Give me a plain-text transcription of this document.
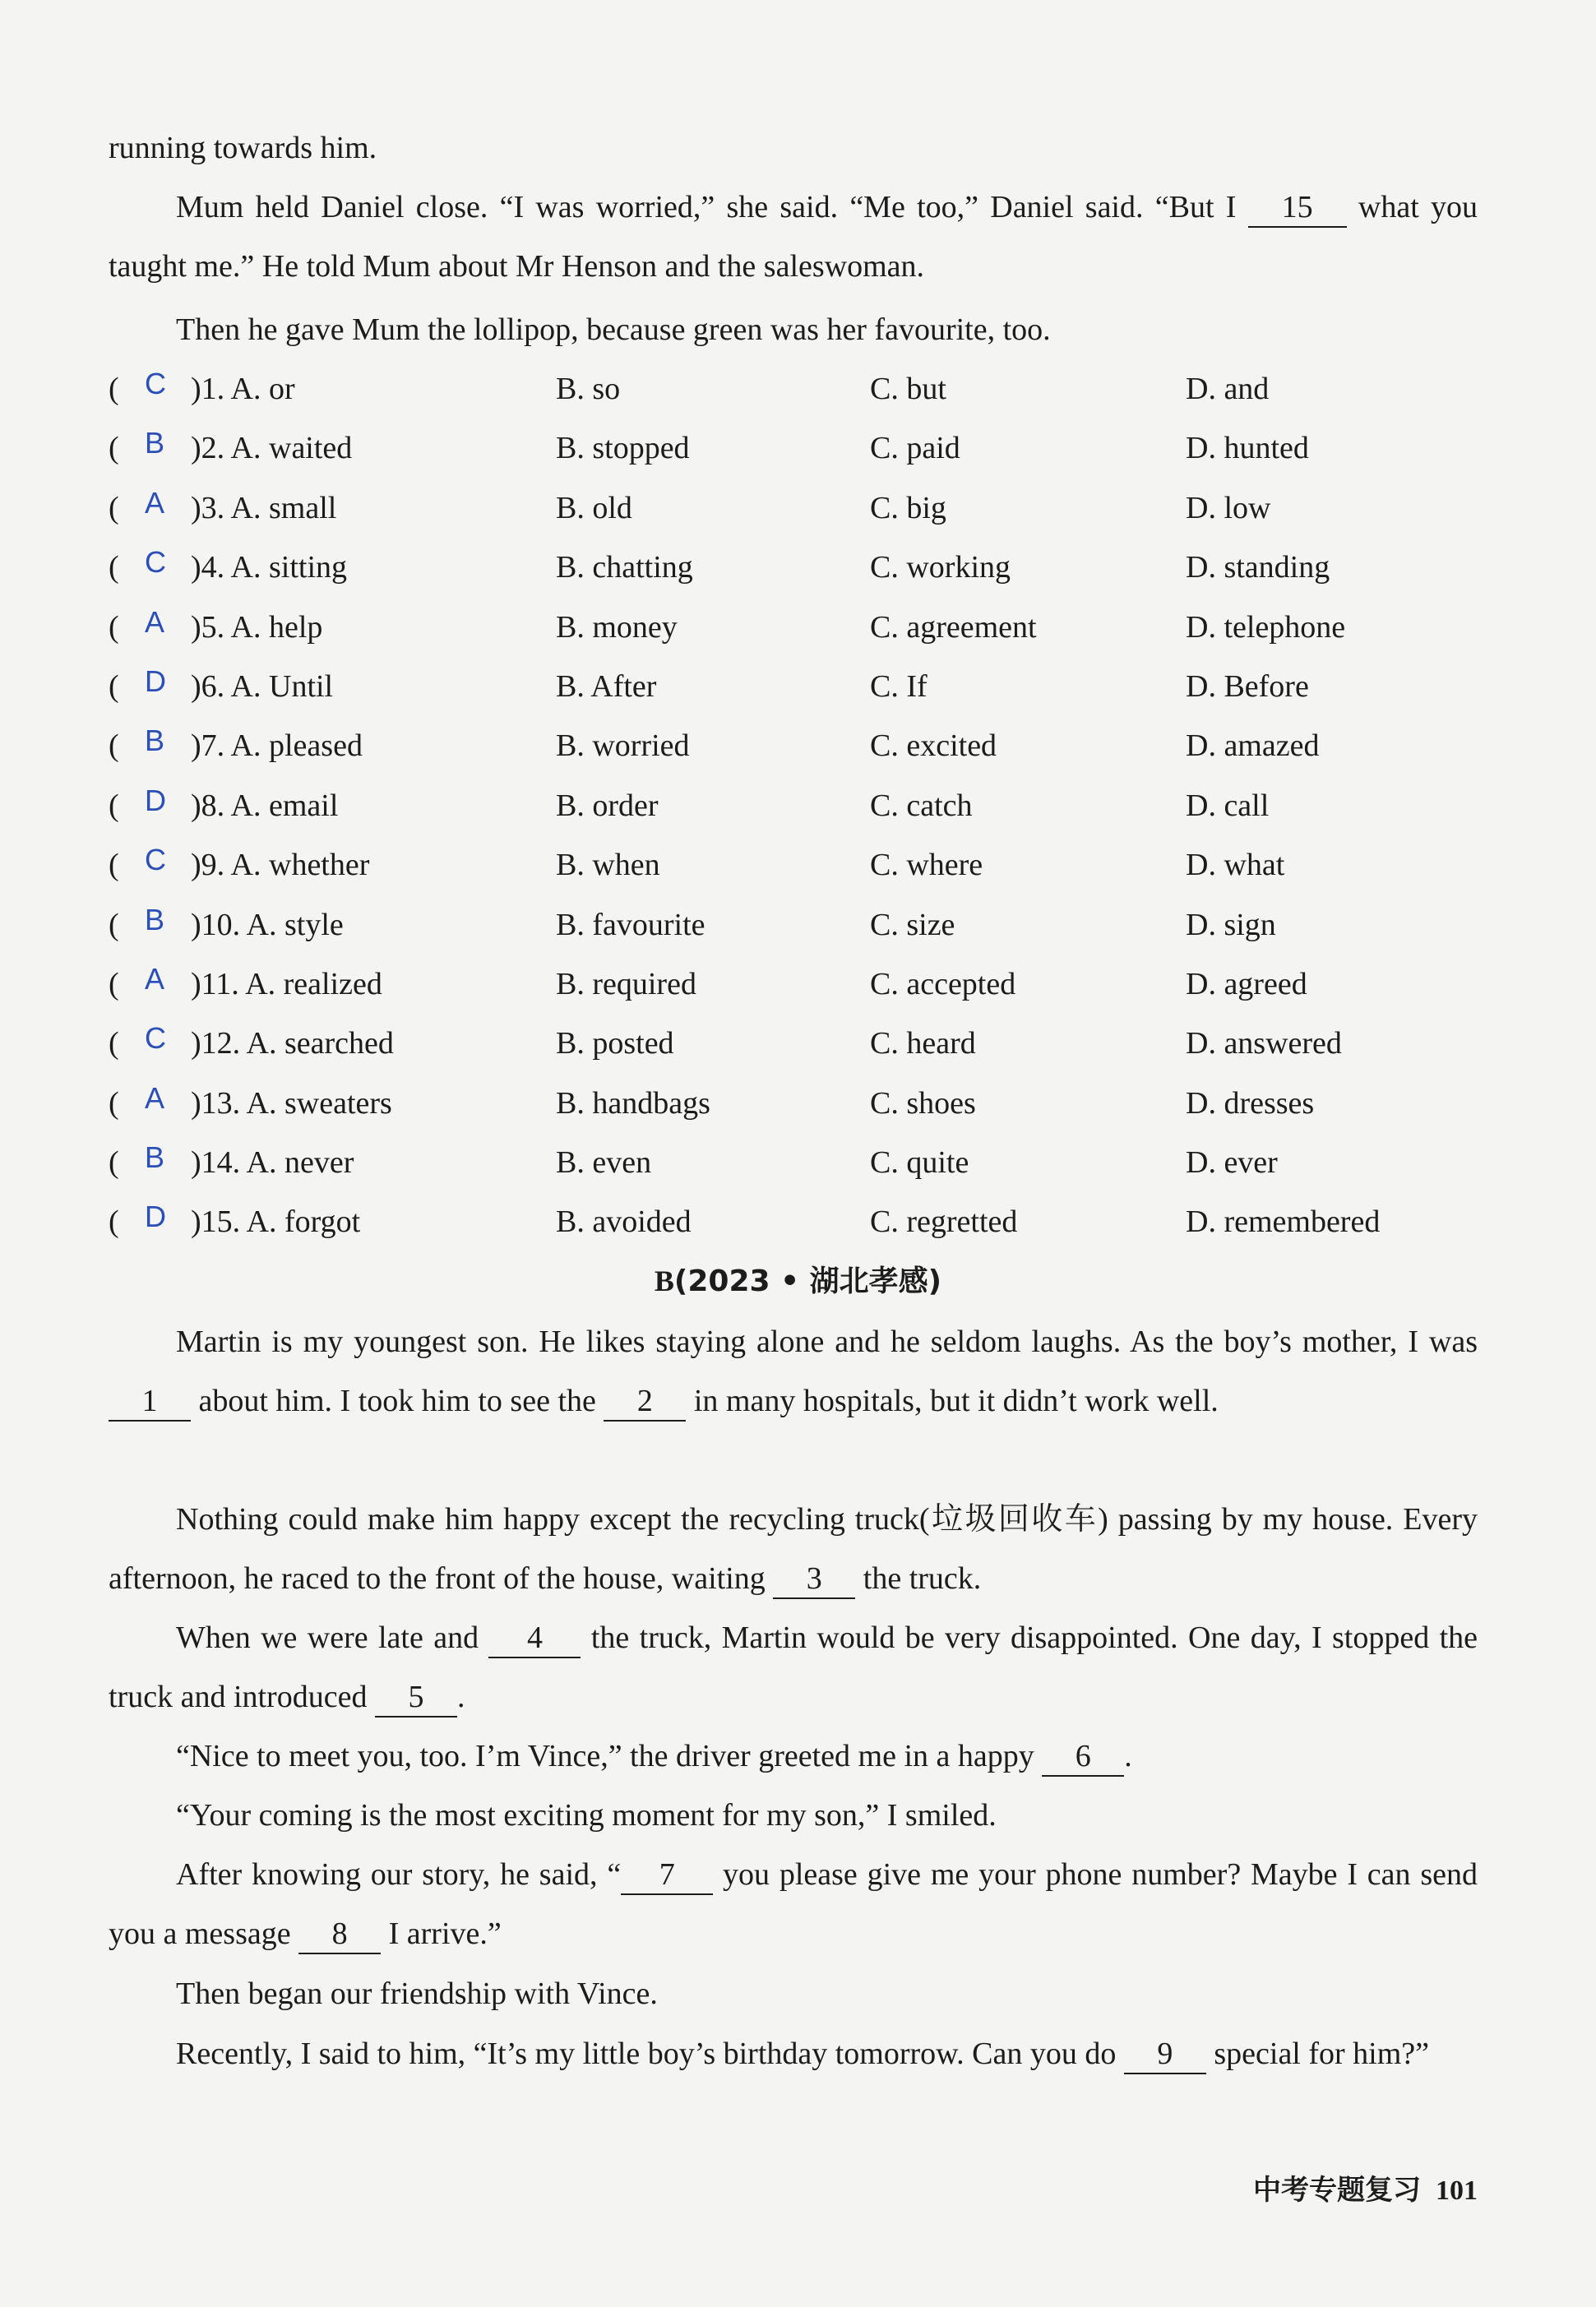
running towards him.
Mum held Daniel close. “I was worried,” she said. “Me too,” Daniel said. “But I 15 what you taught me.” He told Mum about Mr Henson and the saleswoman.
Then he gave Mum the lollipop, because green was her favourite, too.
( C )1. A. or	B. so	C. but	D. and
( B )2. A. waited	B. stopped	C. paid	D. hunted
( A )3. A. small	B. old	C. big	D. low
( C )4. A. sitting	B. chatting	C. working	D. standing
( A )5. A. help	B. money	C. agreement	D. telephone
( D )6. A. Until	B. After	C. If	D. Before
( B )7. A. pleased	B. worried	C. excited	D. amazed
( D )8. A. email	B. order	C. catch	D. call
( C )9. A. whether	B. when	C. where	D. what
( B )10. A. style	B. favourite	C. size	D. sign
( A )11. A. realized	B. required	C. accepted	D. agreed
( C )12. A. searched	B. posted	C. heard	D. answered
( A )13. A. sweaters	B. handbags	C. shoes	D. dresses
( B )14. A. never	B. even	C. quite	D. ever
( D )15. A. forgot	B. avoided	C. regretted	D. remembered
B(2023 • 湖北孝感)
Martin is my youngest son. He likes staying alone and he seldom laughs. As the boy’s mother, I was 1 about him. I took him to see the 2 in many hospitals, but it didn’t work well.
Nothing could make him happy except the recycling truck(垃圾回收车) passing by my house. Every afternoon, he raced to the front of the house, waiting 3 the truck.
When we were late and 4 the truck, Martin would be very disappointed. One day, I stopped the truck and introduced 5 .
“Nice to meet you, too. I’m Vince,” the driver greeted me in a happy 6 .
“Your coming is the most exciting moment for my son,” I smiled.
After knowing our story, he said, “ 7 you please give me your phone number? Maybe I can send you a message 8 I arrive.”
Then began our friendship with Vince.
Recently, I said to him, “It’s my little boy’s birthday tomorrow. Can you do 9 special for him?”
中考专题复习 101
